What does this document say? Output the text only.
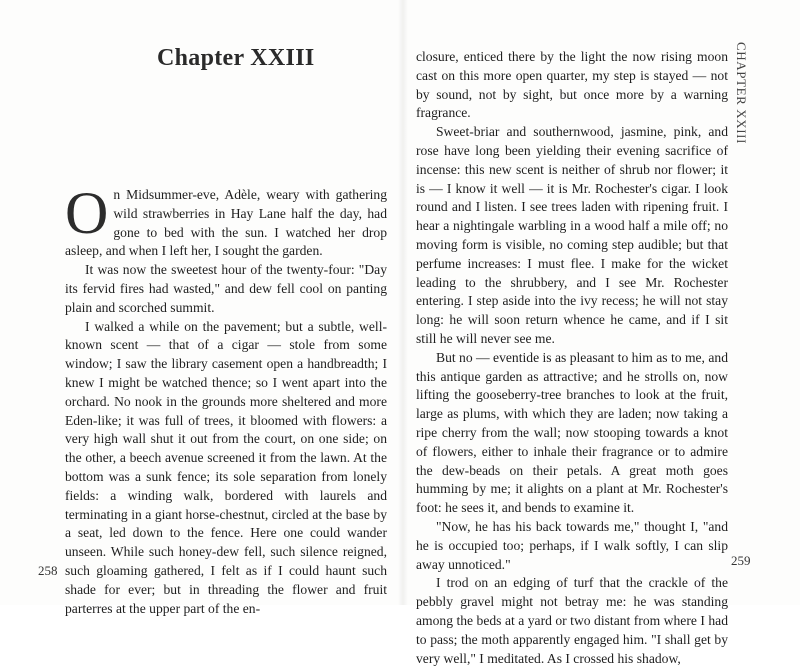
Chapter XXIII

On Midsummer-eve, Adèle, weary with gathering wild strawberries in Hay Lane half the day, had gone to bed with the sun. I watched her drop asleep, and when I left her, I sought the garden.

It was now the sweetest hour of the twenty-four: "Day its fervid fires had wasted," and dew fell cool on panting plain and scorched summit.

I walked a while on the pavement; but a subtle, well-known scent — that of a cigar — stole from some window; I saw the library casement open a handbreadth; I knew I might be watched thence; so I went apart into the orchard. No nook in the grounds more sheltered and more Eden-like; it was full of trees, it bloomed with flowers: a very high wall shut it out from the court, on one side; on the other, a beech avenue screened it from the lawn. At the bottom was a sunk fence; its sole separation from lonely fields: a winding walk, bordered with laurels and terminating in a giant horse-chestnut, circled at the base by a seat, led down to the fence. Here one could wander unseen. While such honey-dew fell, such silence reigned, such gloaming gathered, I felt as if I could haunt such shade for ever; but in threading the flower and fruit parterres at the upper part of the en-

258

closure, enticed there by the light the now rising moon cast on this more open quarter, my step is stayed — not by sound, not by sight, but once more by a warning fragrance.

Sweet-briar and southernwood, jasmine, pink, and rose have long been yielding their evening sacrifice of incense: this new scent is neither of shrub nor flower; it is — I know it well — it is Mr. Rochester's cigar. I look round and I listen. I see trees laden with ripening fruit. I hear a nightingale warbling in a wood half a mile off; no moving form is visible, no coming step audible; but that perfume increases: I must flee. I make for the wicket leading to the shrubbery, and I see Mr. Rochester entering. I step aside into the ivy recess; he will not stay long: he will soon return whence he came, and if I sit still he will never see me.

But no — eventide is as pleasant to him as to me, and this antique garden as attractive; and he strolls on, now lifting the gooseberry-tree branches to look at the fruit, large as plums, with which they are laden; now taking a ripe cherry from the wall; now stooping towards a knot of flowers, either to inhale their fragrance or to admire the dew-beads on their petals. A great moth goes humming by me; it alights on a plant at Mr. Rochester's foot: he sees it, and bends to examine it.

"Now, he has his back towards me," thought I, "and he is occupied too; perhaps, if I walk softly, I can slip away unnoticed."

I trod on an edging of turf that the crackle of the pebbly gravel might not betray me: he was standing among the beds at a yard or two distant from where I had to pass; the moth apparently engaged him. "I shall get by very well," I meditated. As I crossed his shadow,

CHAPTER XXIII
259
